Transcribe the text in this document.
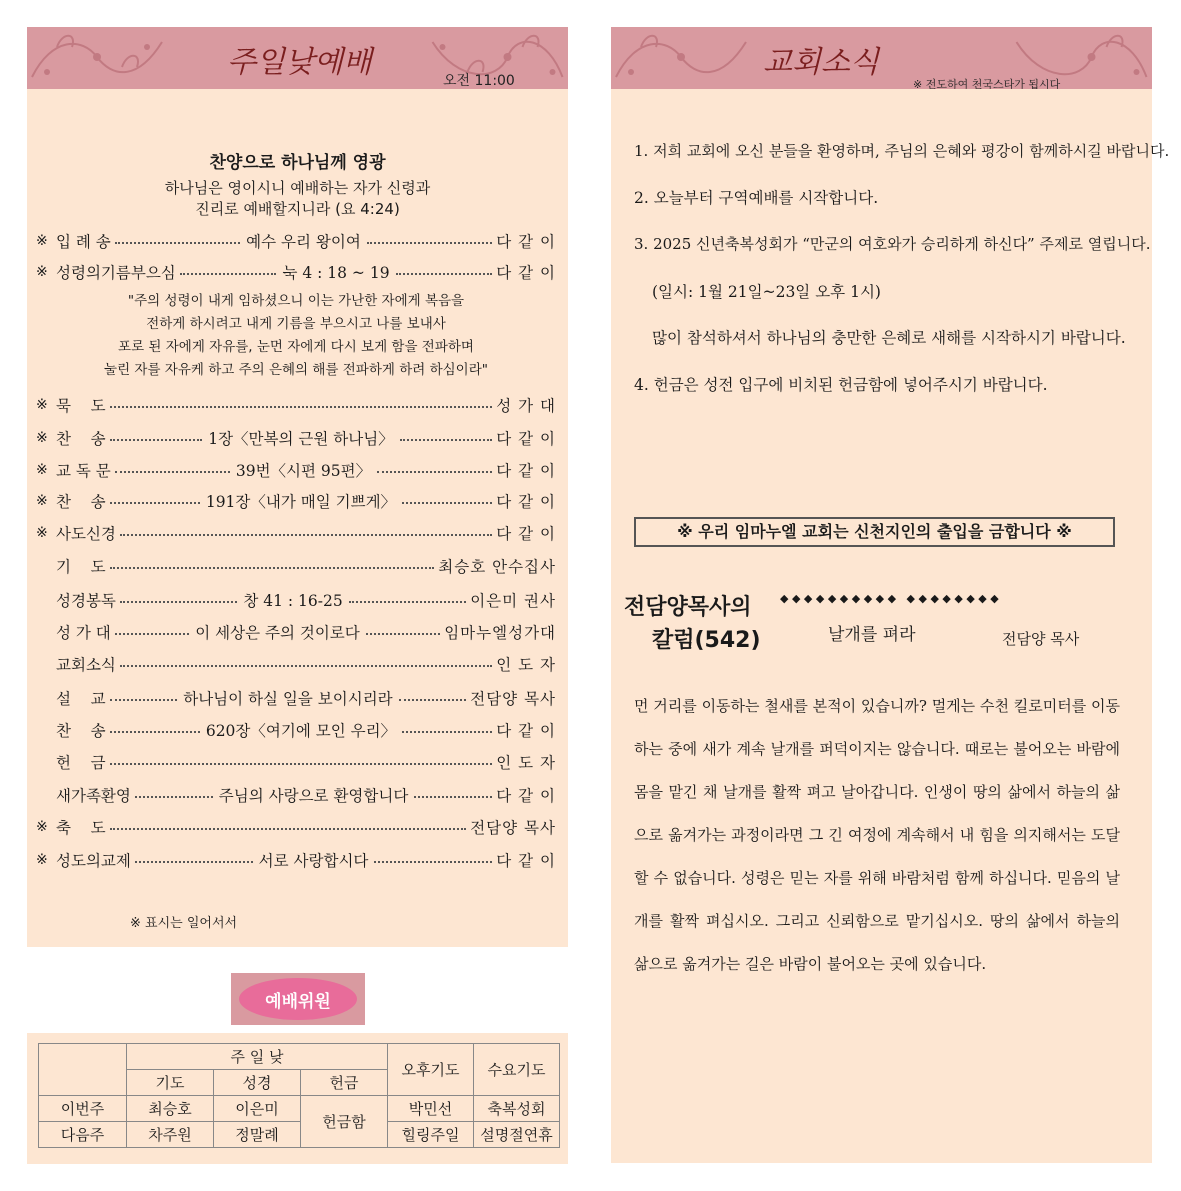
주일낮예배
오전 11:00
찬양으로 하나님께 영광
하나님은 영이시니 예배하는 자가 신령과
진리로 예배할지니라 (요 4:24)
※ 입 례 송	예수 우리 왕이여	다 같 이
※ 성령의기름부으심	눅 4 : 18 ~ 19	다 같 이
※ 묵    도	성 가 대
※ 찬    송	1장〈만복의 근원 하나님〉	다 같 이
※ 교 독 문	39번〈시편 95편〉	다 같 이
※ 찬    송	191장〈내가 매일 기쁘게〉	다 같 이
※ 사도신경	다 같 이
기    도	최승호 안수집사
성경봉독	창 41 : 16-25	이은미 권사
성 가 대	이 세상은 주의 것이로다	임마누엘성가대
교회소식	인 도 자
설    교	하나님이 하실 일을 보이시리라	전담양 목사
찬    송	620장〈여기에 모인 우리〉	다 같 이
헌    금	인 도 자
새가족환영	주님의 사랑으로 환영합니다	다 같 이
※ 축    도	전담양 목사
※ 성도의교제	서로 사랑합시다	다 같 이
"주의 성령이 내게 임하셨으니 이는 가난한 자에게 복음을
전하게 하시려고 내게 기름을 부으시고 나를 보내사
포로 된 자에게 자유를, 눈먼 자에게 다시 보게 함을 전파하며
눌린 자를 자유케 하고 주의 은혜의 해를 전파하게 하려 하심이라"
※ 표시는 일어서서
예배위원
	주 일 낮			오후기도	수요기도
	기도	성경	헌금		
이번주	최승호	이은미	헌금함	박민선	축복성회
다음주	차주원	정말례		힐링주일	설명절연휴
교회소식
※ 전도하여 천국스타가 됩시다

1. 저희 교회에 오신 분들을 환영하며, 주님의 은혜와 평강이 함께하시길 바랍니다.

2. 오늘부터 구역예배를 시작합니다.

3. 2025 신년축복성회가 “만군의 여호와가 승리하게 하신다” 주제로 열립니다.

(일시: 1월 21일~23일 오후 1시)

많이 참석하셔서 하나님의 충만한 은혜로 새해를 시작하시기 바랍니다.

4. 헌금은 성전 입구에 비치된 헌금함에 넣어주시기 바랍니다.

※ 우리 임마누엘 교회는 신천지인의 출입을 금합니다 ※
전담양목사의
칼럼(542)
◆ ◆ ◆ ◆ ◆ ◆ ◆ ◆ ◆ ◆   ◆ ◆ ◆ ◆ ◆ ◆ ◆ ◆
날개를 펴라	전담양 목사
먼 거리를 이동하는 철새를 본적이 있습니까? 멀게는 수천 킬로미터를 이동하는 중에 새가 계속 날개를 퍼덕이지는 않습니다. 때로는 불어오는 바람에 몸을 맡긴 채 날개를 활짝 펴고 날아갑니다. 인생이 땅의 삶에서 하늘의 삶으로 옮겨가는 과정이라면 그 긴 여정에 계속해서 내 힘을 의지해서는 도달할 수 없습니다. 성령은 믿는 자를 위해 바람처럼 함께 하십니다. 믿음의 날개를 활짝 펴십시오. 그리고 신뢰함으로 맡기십시오. 땅의 삶에서 하늘의 삶으로 옮겨가는 길은 바람이 불어오는 곳에 있습니다.
